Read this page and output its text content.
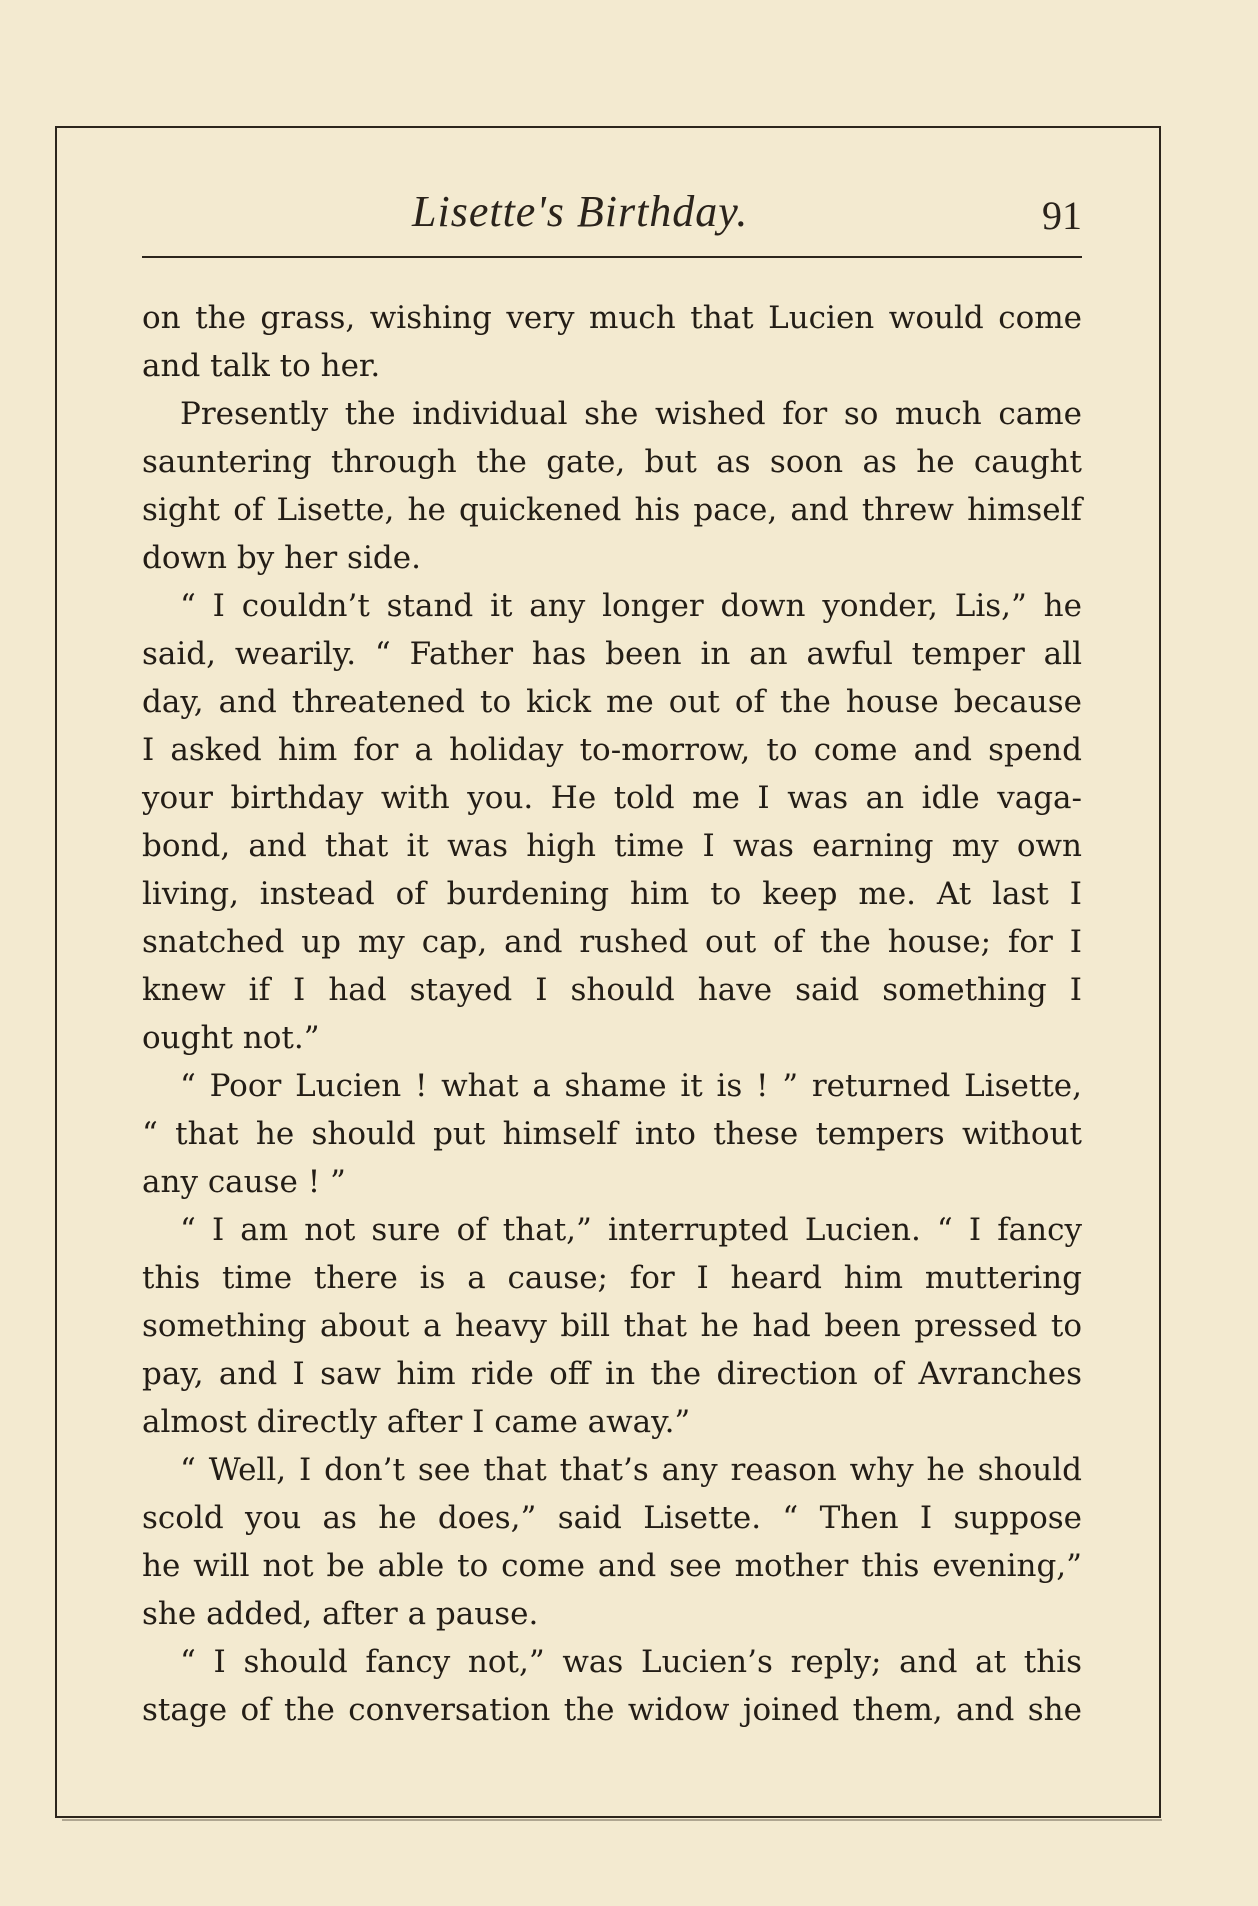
Lisette's Birthday.	91
on the grass, wishing very much that Lucien would come
and talk to her.
Presently the individual she wished for so much came
sauntering through the gate, but as soon as he caught
sight of Lisette, he quickened his pace, and threw himself
down by her side.
“ I couldn’t stand it any longer down yonder, Lis,” he
said, wearily. “ Father has been in an awful temper all
day, and threatened to kick me out of the house because
I asked him for a holiday to-morrow, to come and spend
your birthday with you. He told me I was an idle vaga-
bond, and that it was high time I was earning my own
living, instead of burdening him to keep me. At last I
snatched up my cap, and rushed out of the house; for I
knew if I had stayed I should have said something I
ought not.”
“ Poor Lucien ! what a shame it is ! ” returned Lisette,
“ that he should put himself into these tempers without
any cause ! ”
“ I am not sure of that,” interrupted Lucien. “ I fancy
this time there is a cause; for I heard him muttering
something about a heavy bill that he had been pressed to
pay, and I saw him ride off in the direction of Avranches
almost directly after I came away.”
“ Well, I don’t see that that’s any reason why he should
scold you as he does,” said Lisette. “ Then I suppose
he will not be able to come and see mother this evening,”
she added, after a pause.
“ I should fancy not,” was Lucien’s reply; and at this
stage of the conversation the widow joined them, and she
